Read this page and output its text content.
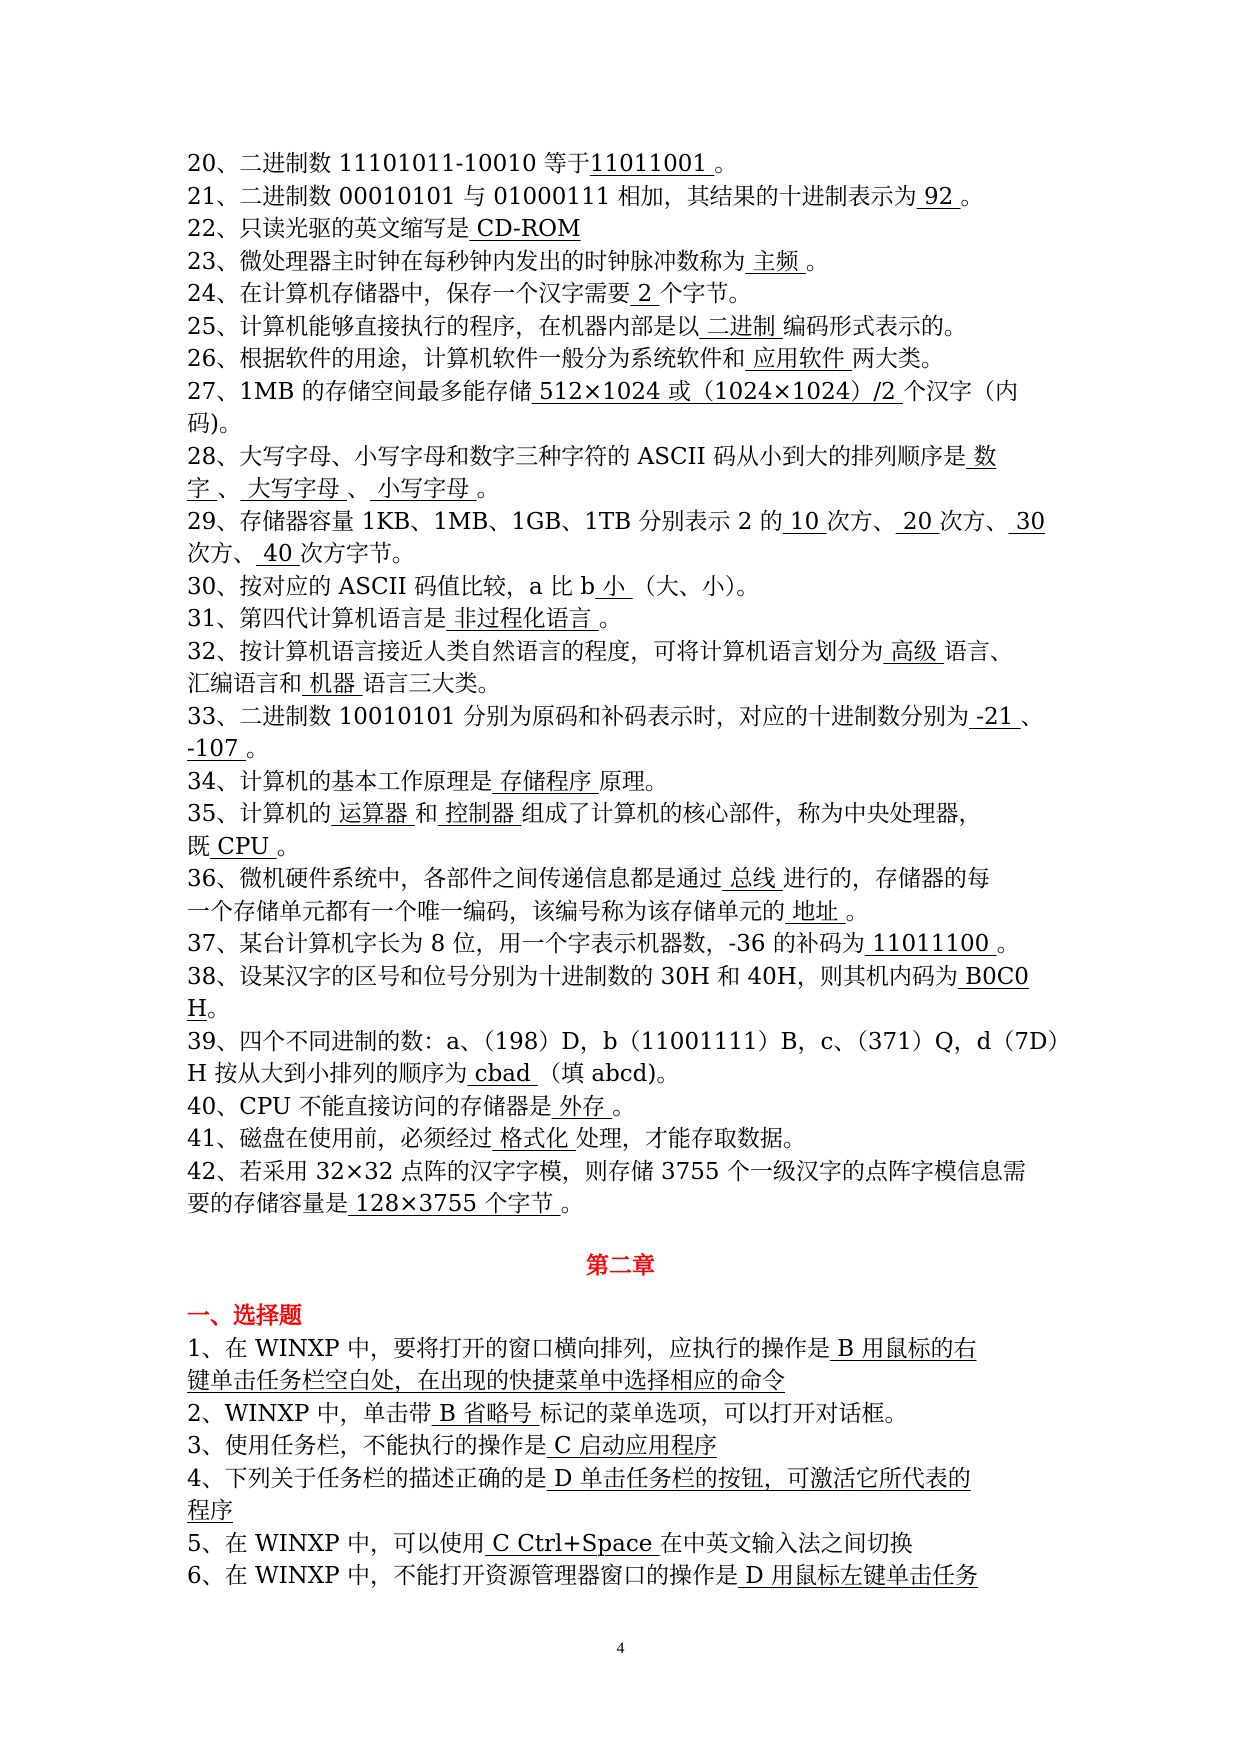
20、二进制数 11101011-10010 等于11011001 。
21、二进制数 00010101 与 01000111 相加，其结果的十进制表示为 92 。
22、只读光驱的英文缩写是 CD-ROM
23、微处理器主时钟在每秒钟内发出的时钟脉冲数称为 主频 。
24、在计算机存储器中，保存一个汉字需要 2 个字节。
25、计算机能够直接执行的程序，在机器内部是以 二进制 编码形式表示的。
26、根据软件的用途，计算机软件一般分为系统软件和 应用软件 两大类。
27、1MB 的存储空间最多能存储 512×1024 或（1024×1024）/2 个汉字（内
码)。
28、大写字母、小写字母和数字三种字符的 ASCII 码从小到大的排列顺序是 数
字 、 大写字母 、 小写字母 。
29、存储器容量 1KB、1MB、1GB、1TB 分别表示 2 的 10 次方、 20 次方、 30
次方、 40 次方字节。
30、按对应的 ASCII 码值比较，a 比 b 小 （大、小）。
31、第四代计算机语言是 非过程化语言 。
32、按计算机语言接近人类自然语言的程度，可将计算机语言划分为 高级 语言、
汇编语言和 机器 语言三大类。
33、二进制数 10010101 分别为原码和补码表示时，对应的十进制数分别为 -21 、
-107 。
34、计算机的基本工作原理是 存储程序 原理。
35、计算机的 运算器 和 控制器 组成了计算机的核心部件，称为中央处理器，
既 CPU 。
36、微机硬件系统中，各部件之间传递信息都是通过 总线 进行的，存储器的每
一个存储单元都有一个唯一编码，该编号称为该存储单元的 地址 。
37、某台计算机字长为 8 位，用一个字表示机器数，-36 的补码为 11011100 。
38、设某汉字的区号和位号分别为十进制数的 30H 和 40H，则其机内码为 B0C0
H。
39、四个不同进制的数：a、（198）D，b（11001111）B，c、（371）Q，d（7D）
H 按从大到小排列的顺序为 cbad （填 abcd)。
40、CPU 不能直接访问的存储器是 外存 。
41、磁盘在使用前，必须经过 格式化 处理，才能存取数据。
42、若采用 32×32 点阵的汉字字模，则存储 3755 个一级汉字的点阵字模信息需
要的存储容量是 128×3755 个字节 。
第二章
一、选择题
1、在 WINXP 中，要将打开的窗口横向排列，应执行的操作是 B 用鼠标的右
键单击任务栏空白处，在出现的快捷菜单中选择相应的命令
2、WINXP 中，单击带 B 省略号 标记的菜单选项，可以打开对话框。
3、使用任务栏，不能执行的操作是 C 启动应用程序
4、下列关于任务栏的描述正确的是 D 单击任务栏的按钮，可激活它所代表的
程序
5、在 WINXP 中，可以使用 C Ctrl+Space 在中英文输入法之间切换
6、在 WINXP 中，不能打开资源管理器窗口的操作是 D 用鼠标左键单击任务
4
